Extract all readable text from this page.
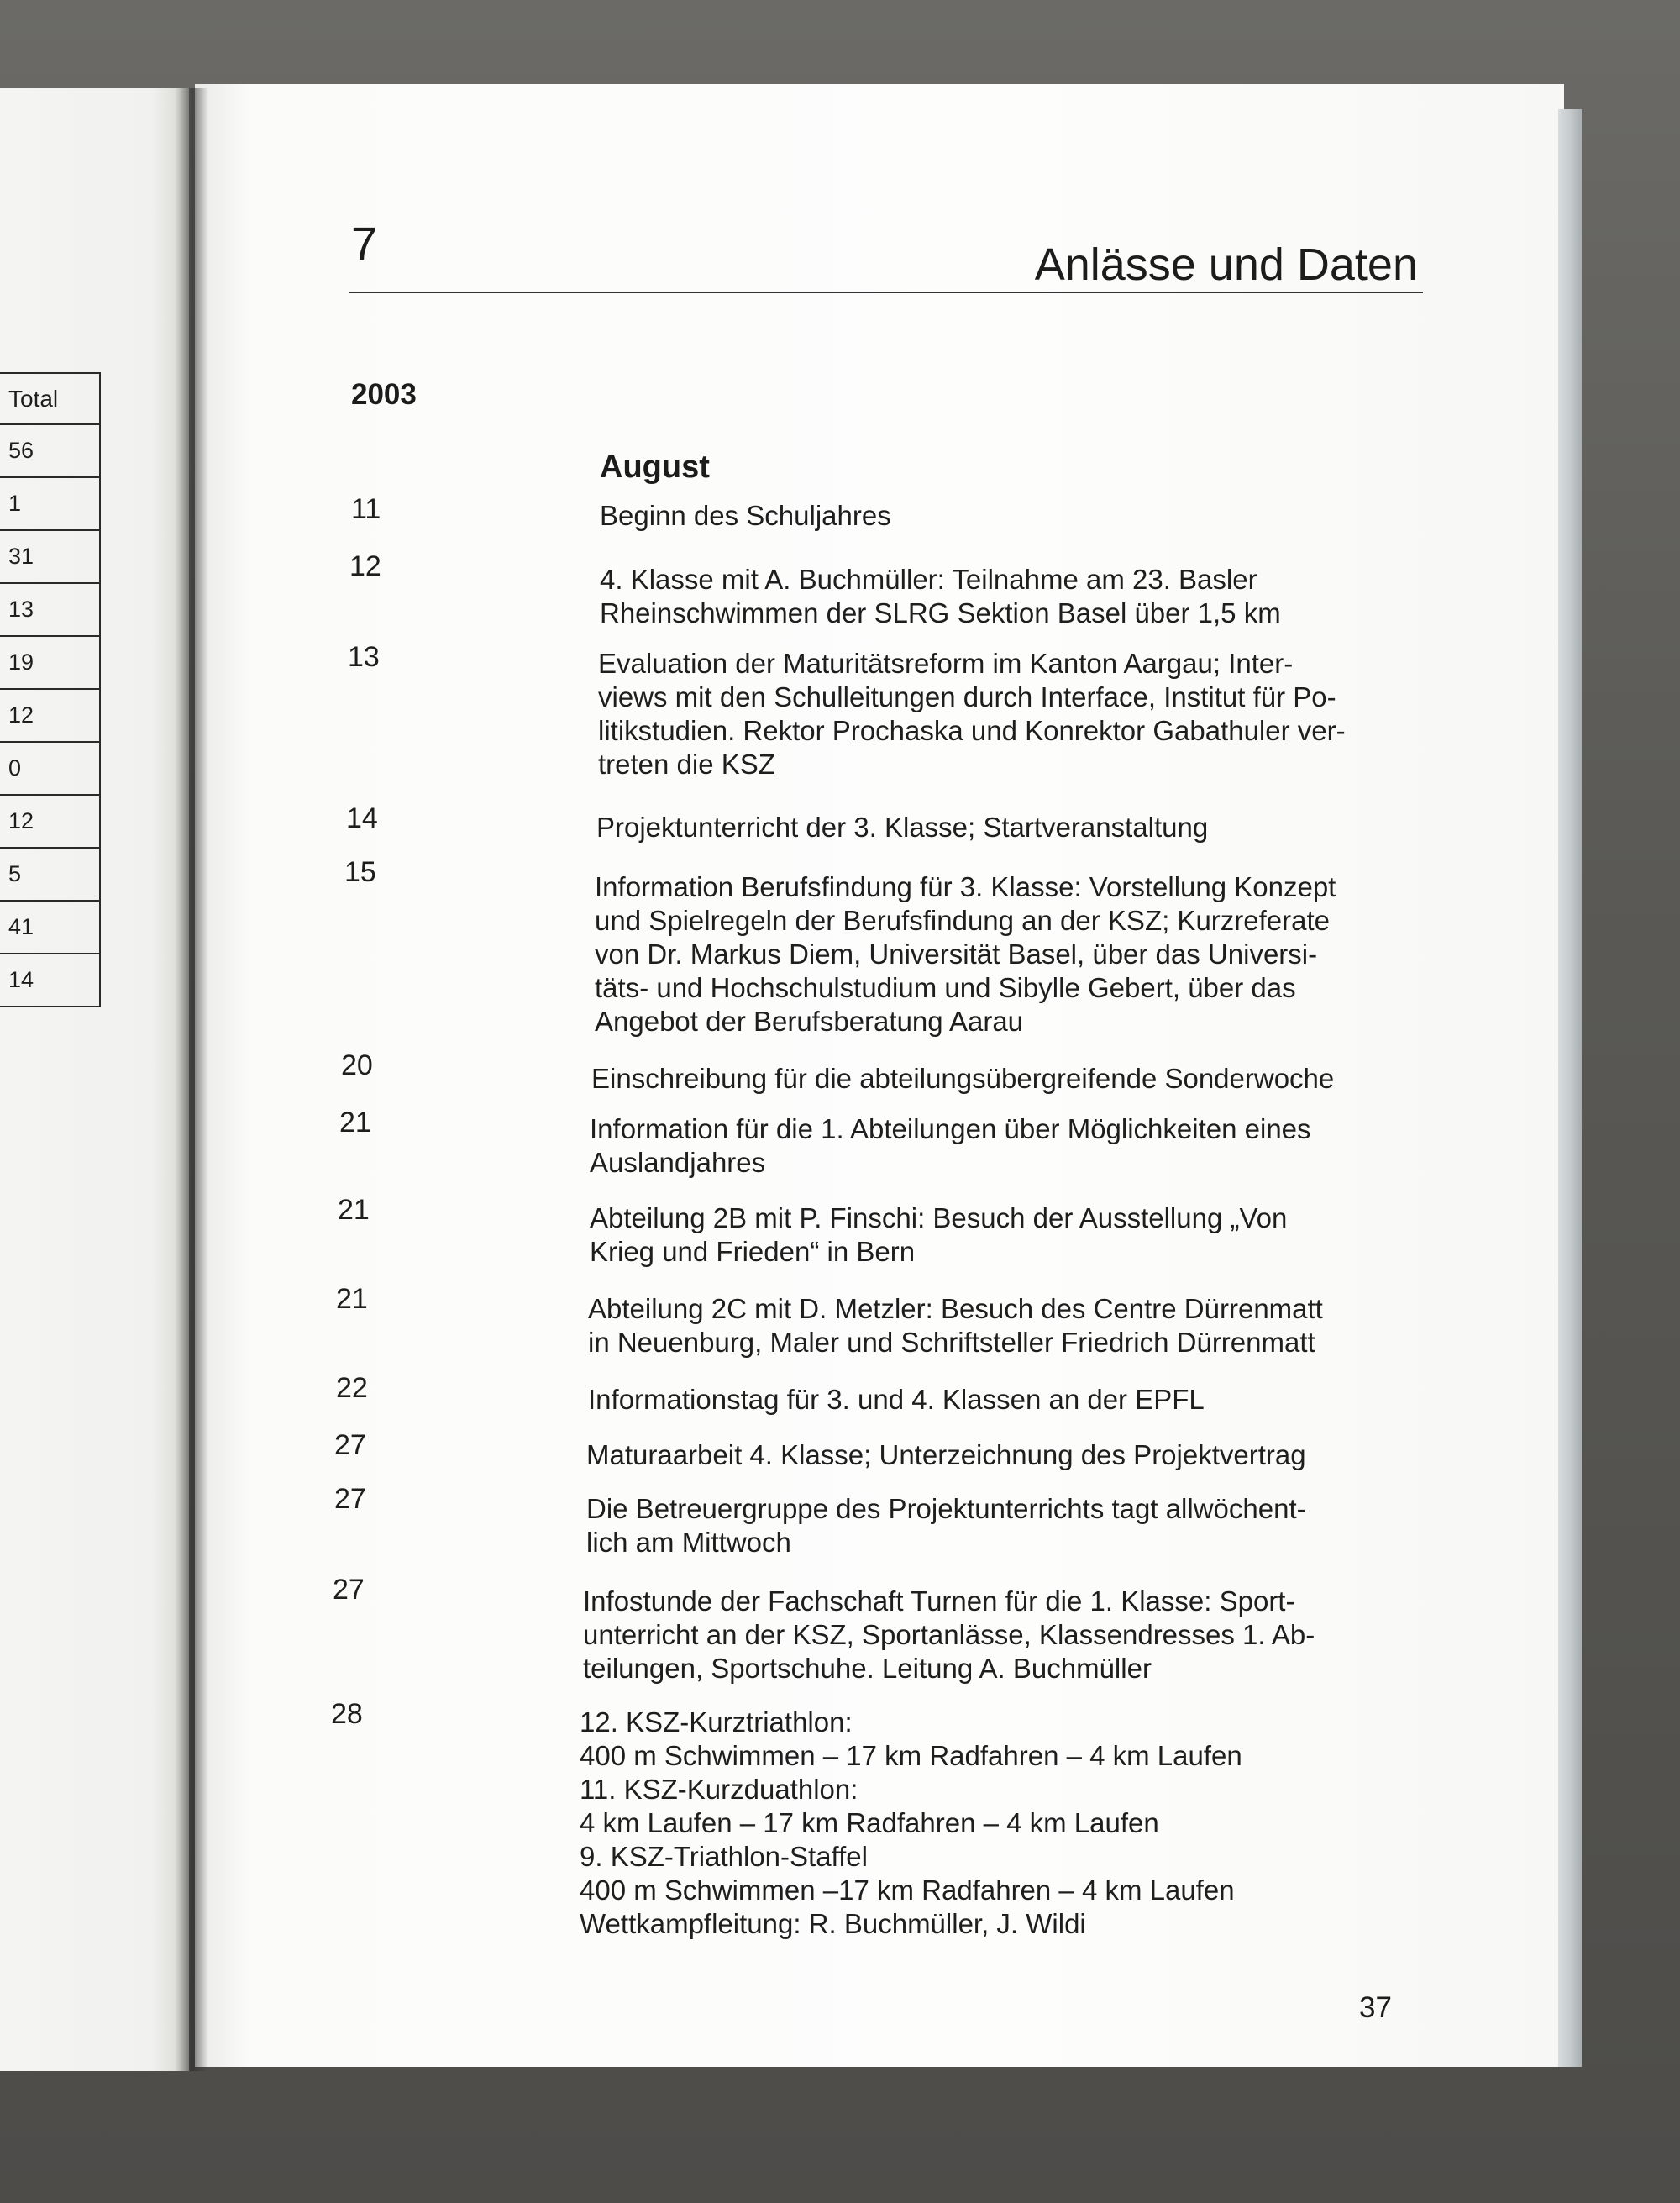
Total
56
1
31
13
19
12
0
12
5
41
14
7	Anlässe und Daten
2003
August
11	Beginn des Schuljahres
12	4. Klasse mit A. Buchmüller: Teilnahme am 23. Basler
Rheinschwimmen der SLRG Sektion Basel über 1,5 km
13	Evaluation der Maturitätsreform im Kanton Aargau; Inter-
views mit den Schulleitungen durch Interface, Institut für Po-
litikstudien. Rektor Prochaska und Konrektor Gabathuler ver-
treten die KSZ
14	Projektunterricht der 3. Klasse; Startveranstaltung
15	Information Berufsfindung für 3. Klasse: Vorstellung Konzept
und Spielregeln der Berufsfindung an der KSZ; Kurzreferate
von Dr. Markus Diem, Universität Basel, über das Universi-
täts- und Hochschulstudium und Sibylle Gebert, über das
Angebot der Berufsberatung Aarau
20	Einschreibung für die abteilungsübergreifende Sonderwoche
21	Information für die 1. Abteilungen über Möglichkeiten eines
Auslandjahres
21	Abteilung 2B mit P. Finschi: Besuch der Ausstellung „Von
Krieg und Frieden“ in Bern
21	Abteilung 2C mit D. Metzler: Besuch des Centre Dürrenmatt
in Neuenburg, Maler und Schriftsteller Friedrich Dürrenmatt
22	Informationstag für 3. und 4. Klassen an der EPFL
27	Maturaarbeit 4. Klasse; Unterzeichnung des Projektvertrag
27	Die Betreuergruppe des Projektunterrichts tagt allwöchent-
lich am Mittwoch
27	Infostunde der Fachschaft Turnen für die 1. Klasse: Sport-
unterricht an der KSZ, Sportanlässe, Klassendresses 1. Ab-
teilungen, Sportschuhe. Leitung A. Buchmüller
28	12. KSZ-Kurztriathlon:
400 m Schwimmen – 17 km Radfahren – 4 km Laufen
11. KSZ-Kurzduathlon:
4 km Laufen – 17 km Radfahren – 4 km Laufen
9. KSZ-Triathlon-Staffel
400 m Schwimmen –17 km Radfahren – 4 km Laufen
Wettkampfleitung: R. Buchmüller, J. Wildi
37
